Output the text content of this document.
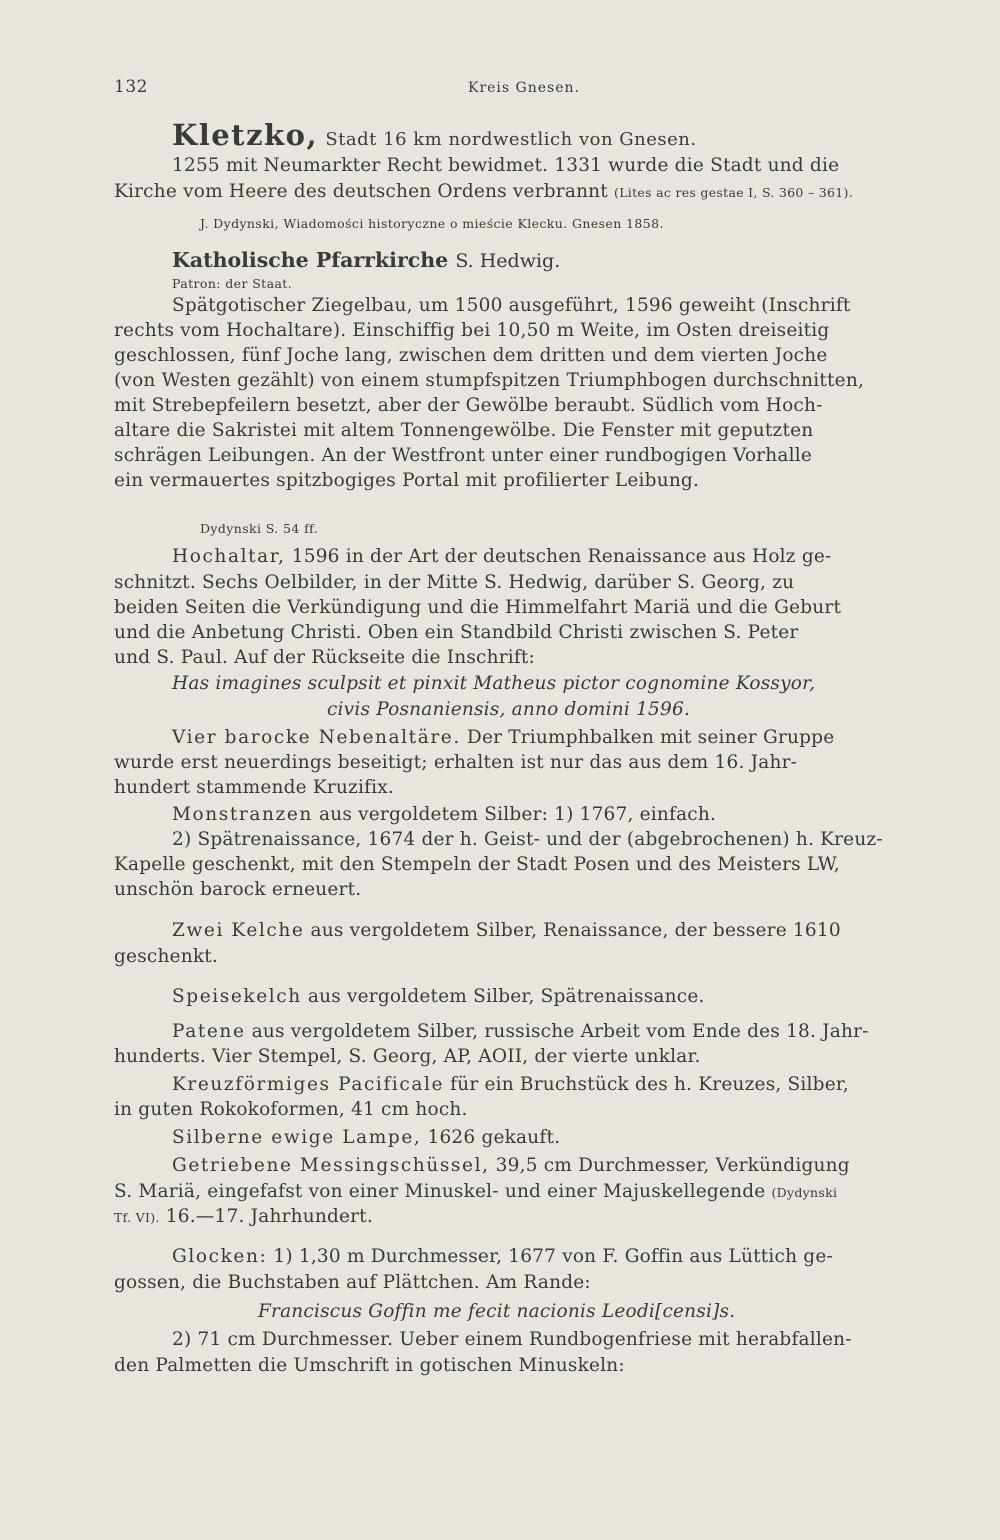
132	Kreis Gnesen.
Kletzko, Stadt 16 km nordwestlich von Gnesen.
1255 mit Neumarkter Recht bewidmet. 1331 wurde die Stadt und die
Kirche vom Heere des deutschen Ordens verbrannt (Lites ac res gestae I, S. 360 – 361).
J. Dydynski, Wiadomości historyczne o mieście Klecku. Gnesen 1858.
Katholische Pfarrkirche S. Hedwig.
Patron: der Staat.
Spätgotischer Ziegelbau, um 1500 ausgeführt, 1596 geweiht (Inschrift
rechts vom Hochaltare). Einschiffig bei 10,50 m Weite, im Osten dreiseitig
geschlossen, fünf Joche lang, zwischen dem dritten und dem vierten Joche
(von Westen gezählt) von einem stumpfspitzen Triumphbogen durchschnitten,
mit Strebepfeilern besetzt, aber der Gewölbe beraubt. Südlich vom Hoch-
altare die Sakristei mit altem Tonnengewölbe. Die Fenster mit geputzten
schrägen Leibungen. An der Westfront unter einer rundbogigen Vorhalle
ein vermauertes spitzbogiges Portal mit profilierter Leibung.
Dydynski S. 54 ff.
Hochaltar, 1596 in der Art der deutschen Renaissance aus Holz ge-
schnitzt. Sechs Oelbilder, in der Mitte S. Hedwig, darüber S. Georg, zu
beiden Seiten die Verkündigung und die Himmelfahrt Mariä und die Geburt
und die Anbetung Christi. Oben ein Standbild Christi zwischen S. Peter
und S. Paul. Auf der Rückseite die Inschrift:
Has imagines sculpsit et pinxit Matheus pictor cognomine Kossyor,
civis Posnaniensis, anno domini 1596.
Vier barocke Nebenaltäre. Der Triumphbalken mit seiner Gruppe
wurde erst neuerdings beseitigt; erhalten ist nur das aus dem 16. Jahr-
hundert stammende Kruzifix.
Monstranzen aus vergoldetem Silber: 1) 1767, einfach.
2) Spätrenaissance, 1674 der h. Geist- und der (abgebrochenen) h. Kreuz-
Kapelle geschenkt, mit den Stempeln der Stadt Posen und des Meisters LW,
unschön barock erneuert.
Zwei Kelche aus vergoldetem Silber, Renaissance, der bessere 1610
geschenkt.
Speisekelch aus vergoldetem Silber, Spätrenaissance.
Patene aus vergoldetem Silber, russische Arbeit vom Ende des 18. Jahr-
hunderts. Vier Stempel, S. Georg, AP, AOII, der vierte unklar.
Kreuzförmiges Pacificale für ein Bruchstück des h. Kreuzes, Silber,
in guten Rokokoformen, 41 cm hoch.
Silberne ewige Lampe, 1626 gekauft.
Getriebene Messingschüssel, 39,5 cm Durchmesser, Verkündigung
S. Mariä, eingefafst von einer Minuskel- und einer Majuskellegende (Dydynski
Tf. VI). 16.—17. Jahrhundert.
Glocken: 1) 1,30 m Durchmesser, 1677 von F. Goffin aus Lüttich ge-
gossen, die Buchstaben auf Plättchen. Am Rande:
Franciscus Goffin me fecit nacionis Leodi[censi]s.
2) 71 cm Durchmesser. Ueber einem Rundbogenfriese mit herabfallen-
den Palmetten die Umschrift in gotischen Minuskeln:
